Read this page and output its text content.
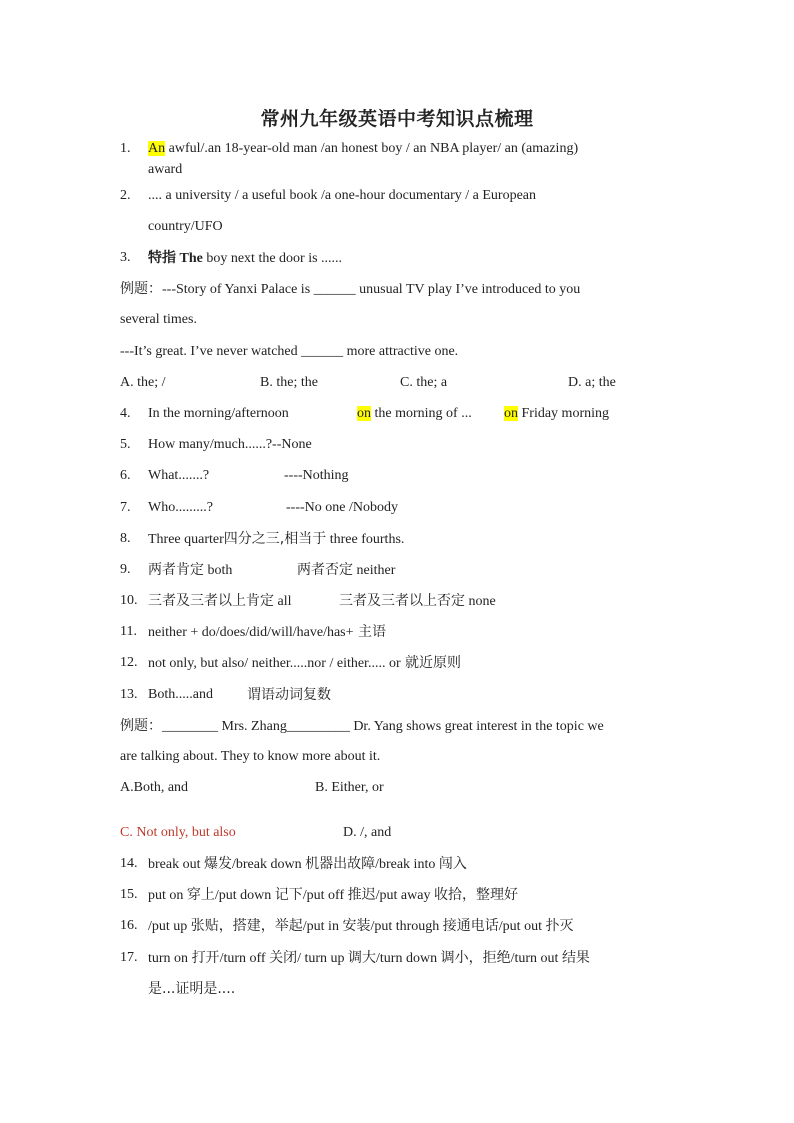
常州九年级英语中考知识点梳理
1. An awful/.an 18-year-old man /an honest boy / an NBA player/ an (amazing)
award
2. .... a university / a useful book /a one-hour documentary / a European
country/UFO
3. 特指 The boy next the door is ......
例题：---Story of Yanxi Palace is ______ unusual TV play I’ve introduced to you
several times.
---It’s great. I’ve never watched ______ more attractive one.
A. the; /	B. the; the	C. the; a	D. a; the
4. In the morning/afternoon	on the morning of ... on Friday morning
5. How many/much......?--None
6. What.......?	----Nothing
7. Who.........?	----No one /Nobody
8. Three quarter四分之三,相当于 three fourths.
9. 两者肯定 both	两者否定 neither
10. 三者及三者以上肯定 all	三者及三者以上否定 none
11. neither + do/does/did/will/have/has+ 主语
12. not only, but also/ neither.....nor / either..... or 就近原则
13. Both.....and 谓语动词复数
例题：________ Mrs. Zhang_________ Dr. Yang shows great interest in the topic we
are talking about. They to know more about it.
A.Both, and	B. Either, or
C. Not only, but also	D. /, and
14. break out 爆发/break down 机器出故障/break into 闯入
15. put on 穿上/put down 记下/put off 推迟/put away 收拾，整理好
16. /put up 张贴，搭建，举起/put in 安装/put through 接通电话/put out 扑灭
17. turn on 打开/turn off 关闭/ turn up 调大/turn down 调小，拒绝/turn out 结果
是...证明是....
